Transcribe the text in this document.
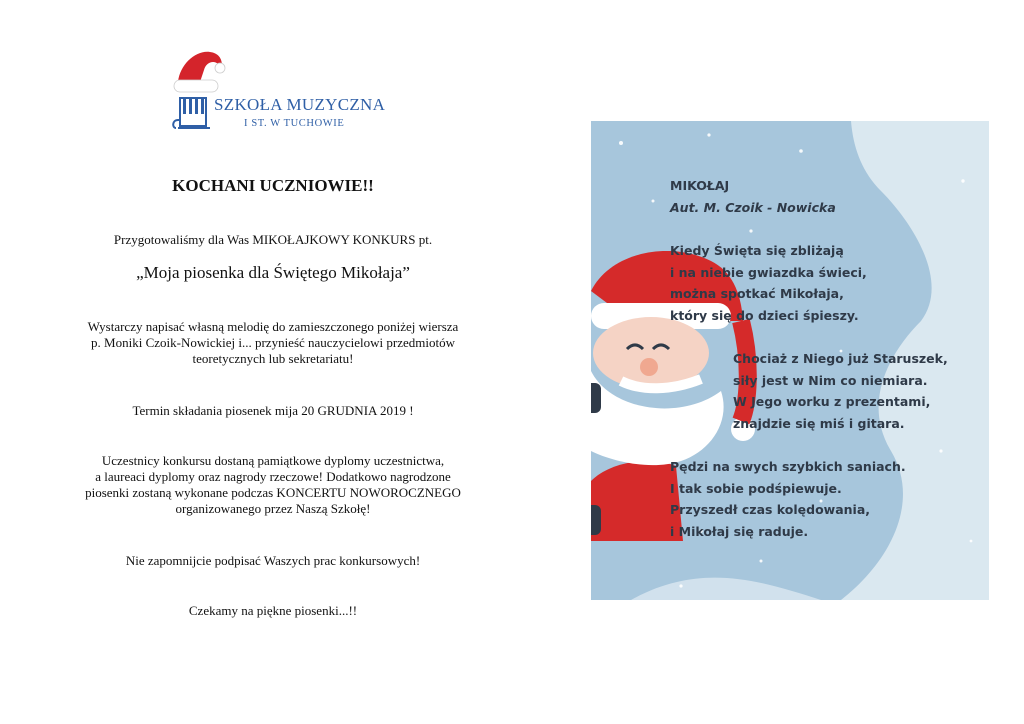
SZKOŁA MUZYCZNA
I ST. W TUCHOWIE
KOCHANI UCZNIOWIE!!
Przygotowaliśmy dla Was MIKOŁAJKOWY KONKURS pt.
„Moja piosenka dla Świętego Mikołaja”
Wystarczy napisać własną melodię do zamieszczonego poniżej wiersza
p. Moniki Czoik-Nowickiej i... przynieść nauczycielowi przedmiotów
teoretycznych lub sekretariatu!
Termin składania piosenek mija 20 GRUDNIA 2019 !
Uczestnicy konkursu dostaną pamiątkowe dyplomy uczestnictwa,
a laureaci dyplomy oraz nagrody rzeczowe! Dodatkowo nagrodzone
piosenki zostaną wykonane podczas KONCERTU NOWOROCZNEGO
organizowanego przez Naszą Szkołę!
Nie zapomnijcie podpisać Waszych prac konkursowych!
Czekamy na piękne piosenki...!!
MIKOŁAJ
Aut. M. Czoik - Nowicka
Kiedy Święta się zbliżają
i na niebie gwiazdka świeci,
można spotkać Mikołaja,
który się do dzieci śpieszy.
Chociaż z Niego już Staruszek,
siły jest w Nim co niemiara.
W Jego worku z prezentami,
znajdzie się miś i gitara.
Pędzi na swych szybkich saniach.
I tak sobie podśpiewuje.
Przyszedł czas kolędowania,
i Mikołaj się raduje.
